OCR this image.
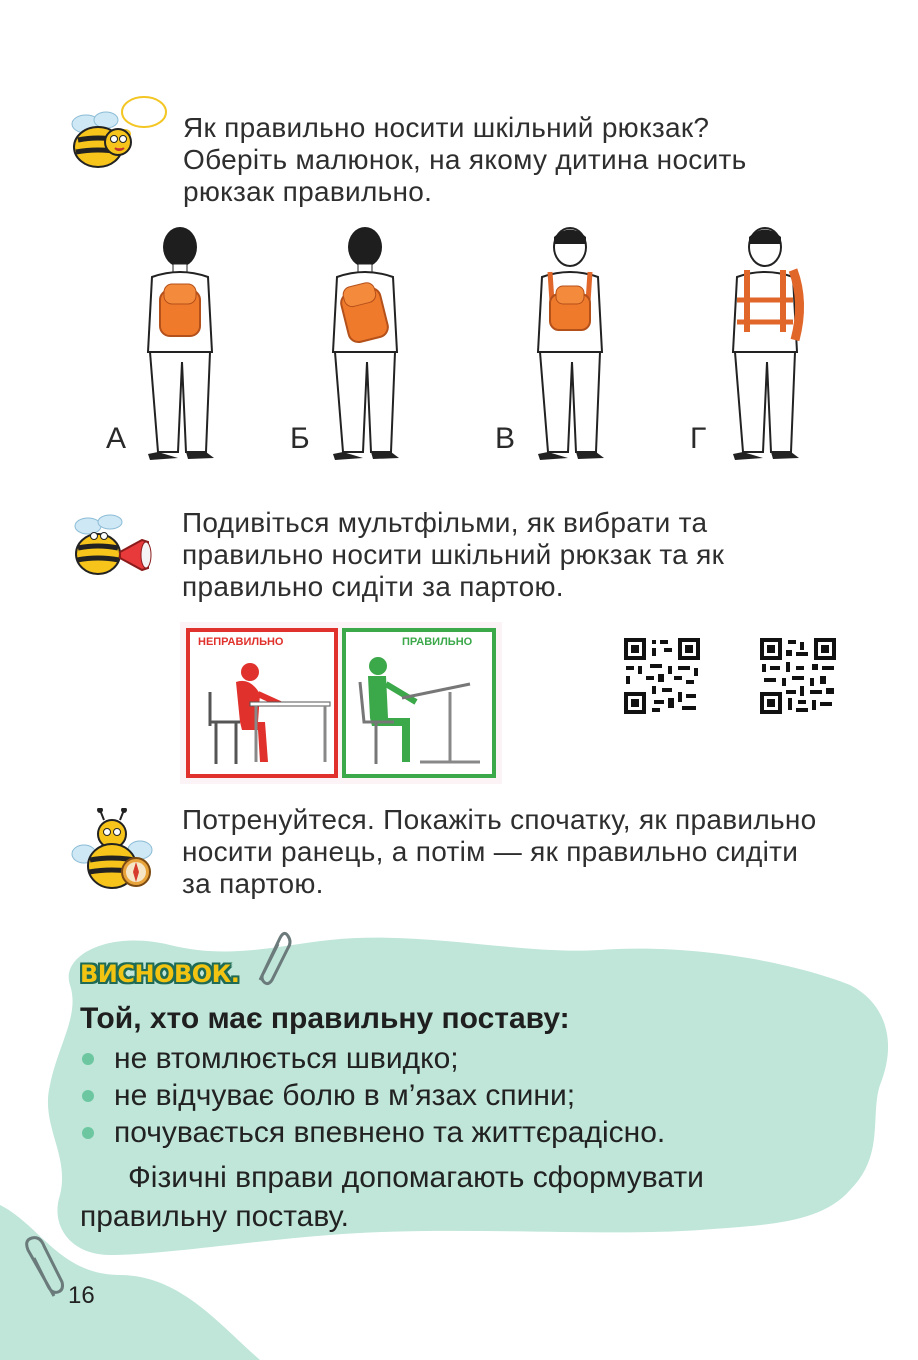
Як правильно носити шкільний рюкзак?
Оберіть малюнок, на якому дитина носить
рюкзак правильно.
А	Б	В	Г
Подивіться мультфільми, як вибрати та
правильно носити шкільний рюкзак та як
правильно сидіти за партою.
НЕПРАВИЛЬНО	ПРАВИЛЬНО
Потренуйтеся. Покажіть спочатку, як правильно
носити ранець, а потім — як правильно сидіти
за партою.
ВИСНОВОК.
Той, хто має правильну поставу:
не втомлюється швидко;
не відчуває болю в м’язах спини;
почувається впевнено та життєрадісно.
Фізичні вправи допомагають сформувати
правильну поставу.
16
